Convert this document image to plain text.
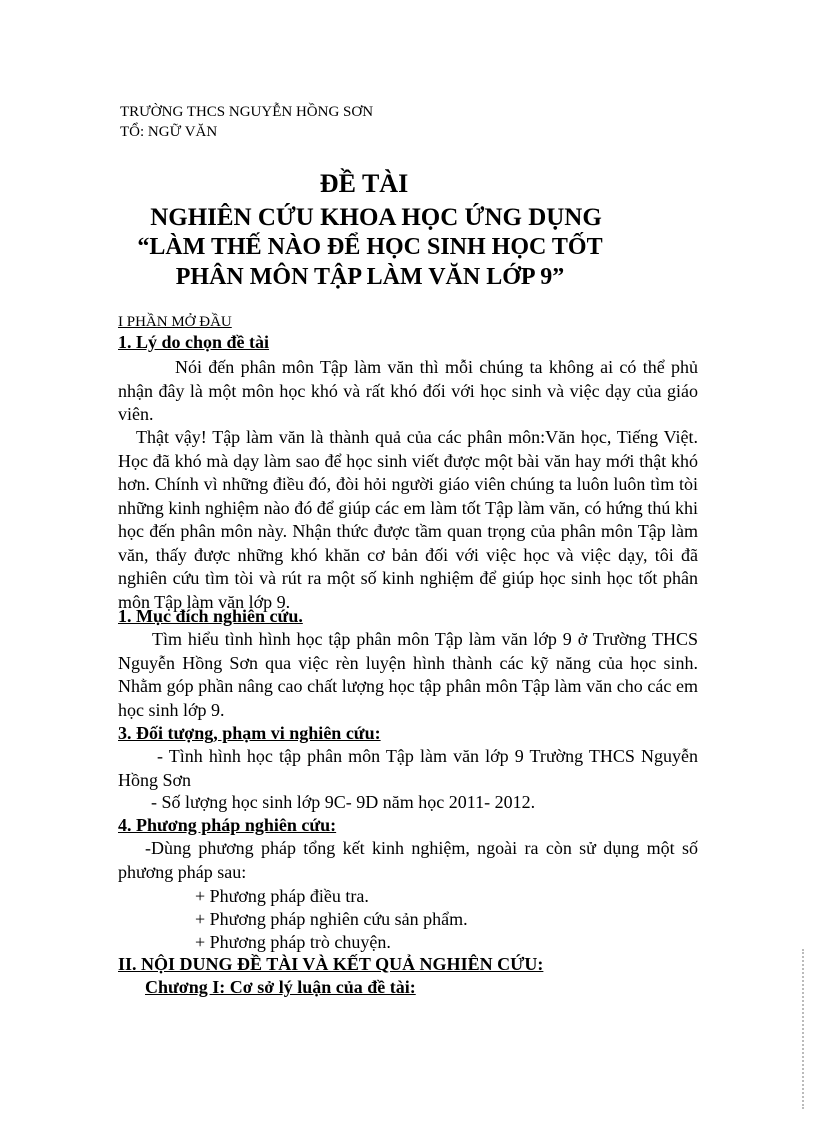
TRƯỜNG THCS NGUYỄN HỒNG SƠN
TỔ: NGỮ VĂN
ĐỀ TÀI
NGHIÊN CỨU KHOA HỌC ỨNG DỤNG
“LÀM THẾ NÀO ĐỂ HỌC SINH HỌC TỐT
PHÂN MÔN TẬP LÀM VĂN LỚP 9”
I PHẦN MỞ ĐẦU
1. Lý do chọn đề tài
Nói đến phân môn Tập làm văn thì mỗi chúng ta không ai có thể phủ nhận đây là một môn học khó và rất khó đối với học sinh và việc dạy của giáo viên.
Thật vậy! Tập làm văn là thành quả của các phân môn:Văn học, Tiếng Việt. Học đã khó mà dạy làm sao để học sinh viết được một bài văn hay mới thật khó hơn. Chính vì những điều đó, đòi hỏi người giáo viên chúng ta luôn luôn tìm tòi những kinh nghiệm nào đó để giúp các em làm tốt Tập làm văn, có hứng thú khi học đến phân môn này. Nhận thức được tầm quan trọng của phân môn Tập làm văn, thấy được những khó khăn cơ bản đối với việc học và việc dạy, tôi đã nghiên cứu tìm tòi và rút ra một số kinh nghiệm để giúp học sinh học tốt phân môn Tập làm văn lớp 9.
1. Mục đích nghiên cứu.
Tìm hiểu tình hình học tập phân môn Tập làm văn lớp 9 ở Trường THCS Nguyễn Hồng Sơn qua việc rèn luyện hình thành các kỹ năng của học sinh. Nhằm góp phần nâng cao chất lượng học tập phân môn Tập làm văn cho các em học sinh lớp 9.
3. Đối tượng, phạm vi nghiên cứu:
- Tình hình học tập phân môn Tập làm văn lớp 9 Trường THCS Nguyễn Hồng Sơn
- Số lượng học sinh lớp 9C- 9D năm học 2011- 2012.
4. Phương pháp nghiên cứu:
-Dùng phương pháp tổng kết kinh nghiệm, ngoài ra còn sử dụng một số phương pháp sau:
+ Phương pháp điều tra.
+ Phương pháp nghiên cứu sản phẩm.
+ Phương pháp trò chuyện.
II. NỘI DUNG ĐỀ TÀI VÀ KẾT QUẢ NGHIÊN CỨU:
Chương I: Cơ sở lý luận của đề tài:
